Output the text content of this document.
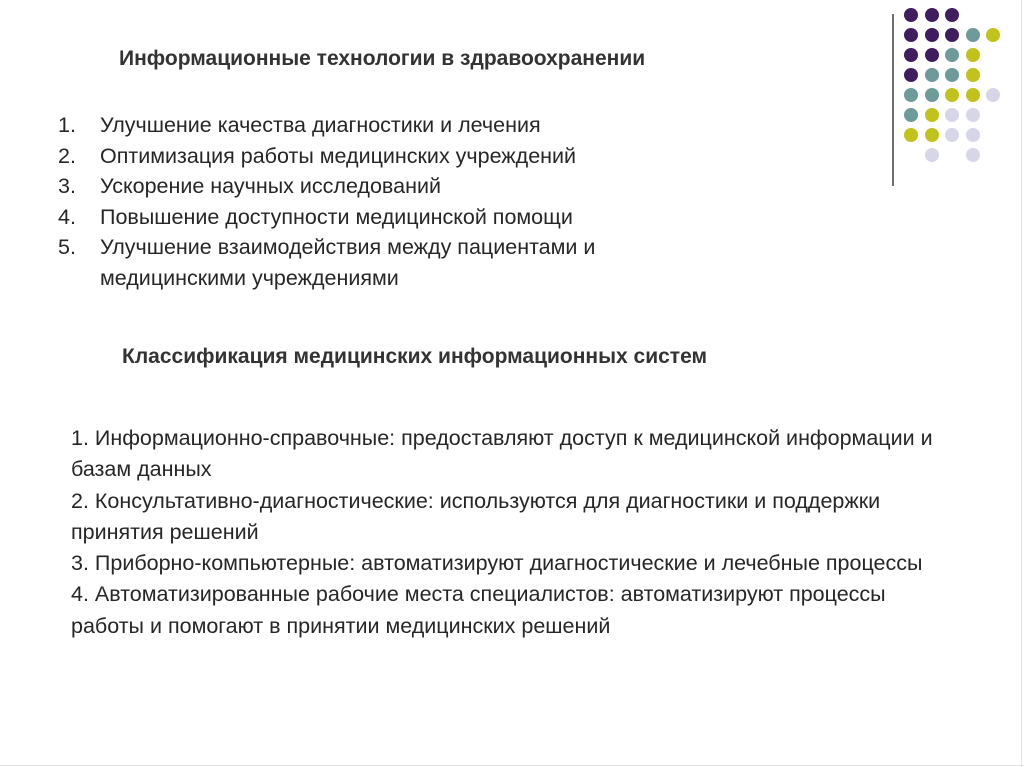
Информационные технологии в здравоохранении
1. Улучшение качества диагностики и лечения
2. Оптимизация работы медицинских учреждений
3. Ускорение научных исследований
4. Повышение доступности медицинской помощи
5. Улучшение взаимодействия между пациентами и медицинскими учреждениями
Классификация медицинских информационных систем
1. Информационно-справочные: предоставляют доступ к медицинской информации и базам данных
2. Консультативно-диагностические: используются для диагностики и поддержки принятия решений
3. Приборно-компьютерные: автоматизируют диагностические и лечебные процессы
4. Автоматизированные рабочие места специалистов: автоматизируют процессы работы и помогают в принятии медицинских решений
